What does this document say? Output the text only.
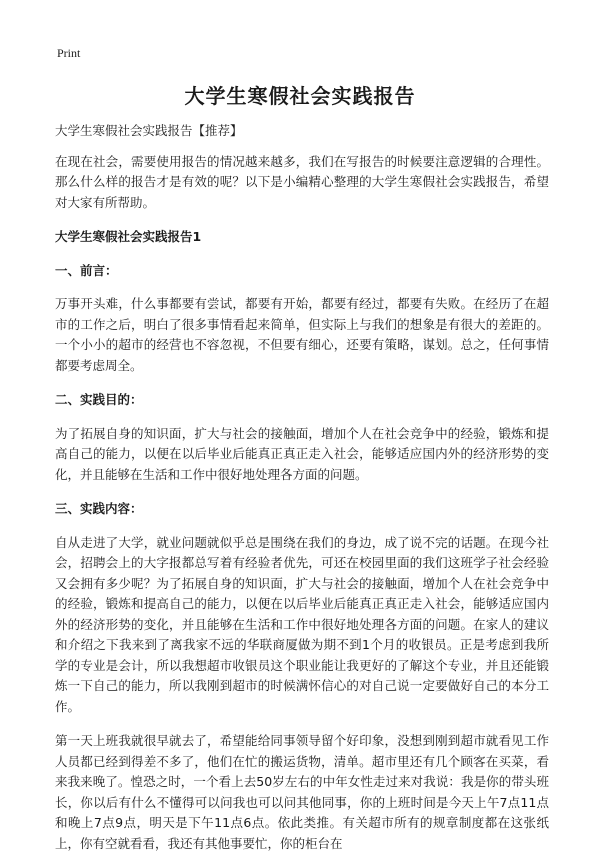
Print
大学生寒假社会实践报告

大学生寒假社会实践报告【推荐】

在现在社会，需要使用报告的情况越来越多，我们在写报告的时候要注意逻辑的合理性。那么什么样的报告才是有效的呢？以下是小编精心整理的大学生寒假社会实践报告，希望对大家有所帮助。

大学生寒假社会实践报告1

一、前言：

万事开头难，什么事都要有尝试，都要有开始，都要有经过，都要有失败。在经历了在超市的工作之后，明白了很多事情看起来简单，但实际上与我们的想象是有很大的差距的。一个小小的超市的经营也不容忽视，不但要有细心，还要有策略，谋划。总之，任何事情都要考虑周全。

二、实践目的：

为了拓展自身的知识面，扩大与社会的接触面，增加个人在社会竞争中的经验，锻炼和提高自己的能力，以便在以后毕业后能真正真正走入社会，能够适应国内外的经济形势的变化，并且能够在生活和工作中很好地处理各方面的问题。

三、实践内容：

自从走进了大学，就业问题就似乎总是围绕在我们的身边，成了说不完的话题。在现今社会，招聘会上的大字报都总写着有经验者优先，可还在校园里面的我们这班学子社会经验又会拥有多少呢？为了拓展自身的知识面，扩大与社会的接触面，增加个人在社会竞争中的经验，锻炼和提高自己的能力，以便在以后毕业后能真正真正走入社会，能够适应国内外的经济形势的变化，并且能够在生活和工作中很好地处理各方面的问题。在家人的建议和介绍之下我来到了离我家不远的华联商厦做为期不到1个月的收银员。正是考虑到我所学的专业是会计，所以我想超市收银员这个职业能让我更好的了解这个专业，并且还能锻炼一下自己的能力，所以我刚到超市的时候满怀信心的对自己说一定要做好自己的本分工作。

第一天上班我就很早就去了，希望能给同事领导留个好印象，没想到刚到超市就看见工作人员都已经到得差不多了，他们在忙的搬运货物，清单。超市里还有几个顾客在买菜，看来我来晚了。惶恐之时，一个看上去50岁左右的中年女性走过来对我说：我是你的带头班长，你以后有什么不懂得可以问我也可以问其他同事，你的上班时间是今天上午7点11点和晚上7点9点，明天是下午11点6点。依此类推。有关超市所有的规章制度都在这张纸上，你有空就看看，我还有其他事要忙，你的柜台在
